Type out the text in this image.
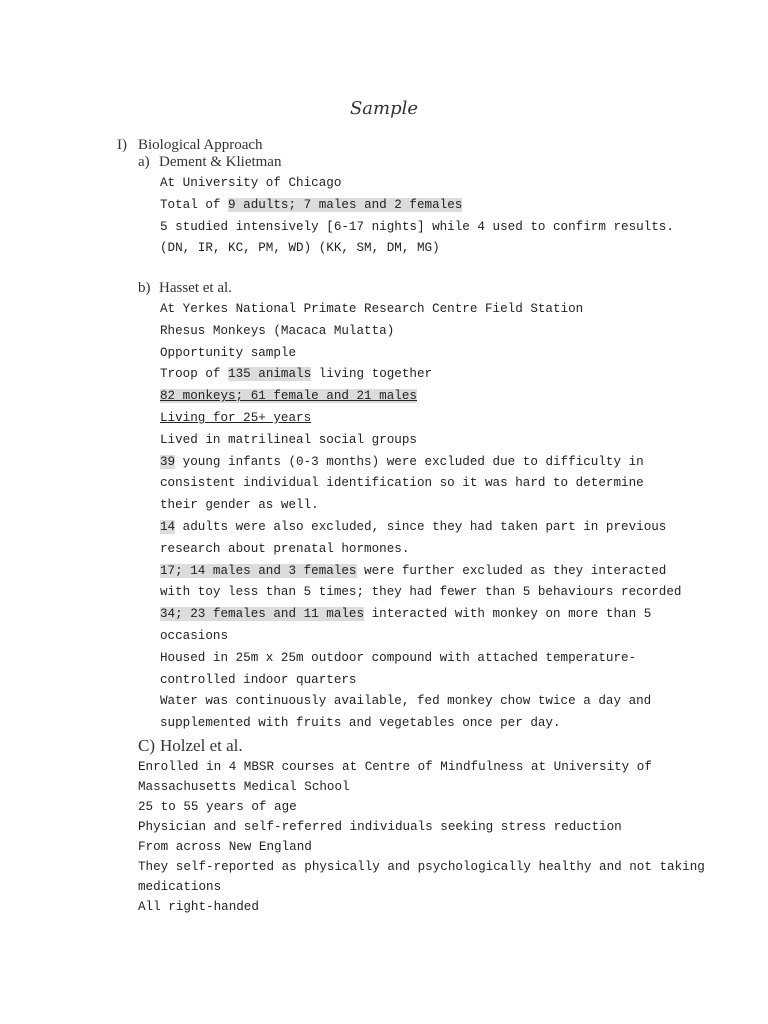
Sample
I) Biological Approach
a) Dement & Klietman
At University of Chicago
Total of 9 adults; 7 males and 2 females
5 studied intensively [6-17 nights] while 4 used to confirm results.
(DN, IR, KC, PM, WD) (KK, SM, DM, MG)
b) Hasset et al.
At Yerkes National Primate Research Centre Field Station
Rhesus Monkeys (Macaca Mulatta)
Opportunity sample
Troop of 135 animals living together
82 monkeys; 61 female and 21 males
Living for 25+ years
Lived in matrilineal social groups
39 young infants (0-3 months) were excluded due to difficulty in
consistent individual identification so it was hard to determine
their gender as well.
14 adults were also excluded, since they had taken part in previous
research about prenatal hormones.
17; 14 males and 3 females were further excluded as they interacted
with toy less than 5 times; they had fewer than 5 behaviours recorded
34; 23 females and 11 males interacted with monkey on more than 5
occasions
Housed in 25m x 25m outdoor compound with attached temperature-
controlled indoor quarters
Water was continuously available, fed monkey chow twice a day and
supplemented with fruits and vegetables once per day.
C) Holzel et al.
Enrolled in 4 MBSR courses at Centre of Mindfulness at University of
Massachusetts Medical School
25 to 55 years of age
Physician and self-referred individuals seeking stress reduction
From across New England
They self-reported as physically and psychologically healthy and not taking
medications
All right-handed
